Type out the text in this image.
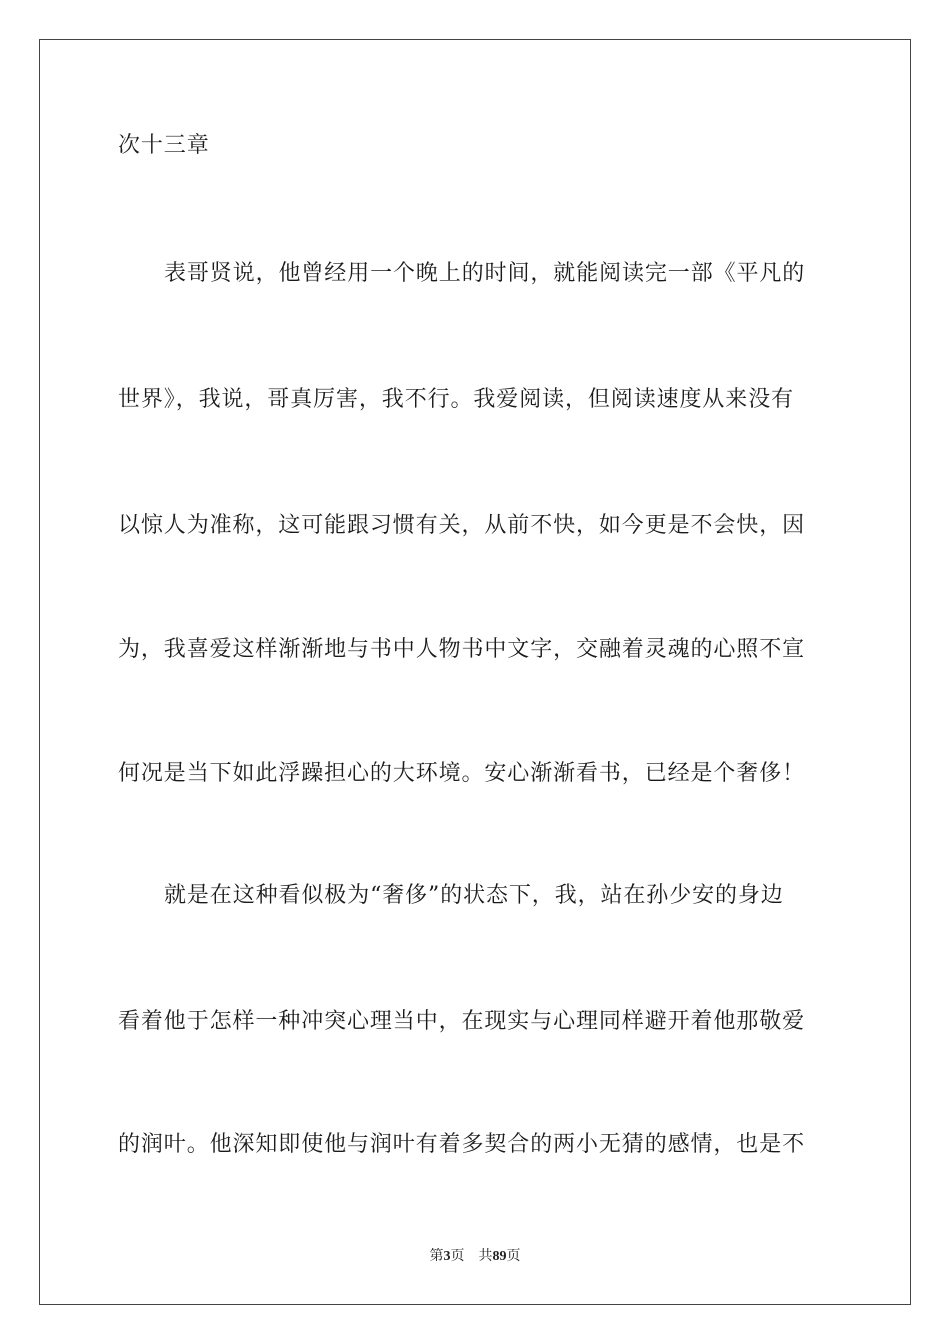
次十三章
表哥贤说，他曾经用一个晚上的时间，就能阅读完一部《平凡的
世界》，我说，哥真厉害，我不行。我爱阅读，但阅读速度从来没有
以惊人为准称，这可能跟习惯有关，从前不快，如今更是不会快，因
为，我喜爱这样渐渐地与书中人物书中文字，交融着灵魂的心照不宣
何况是当下如此浮躁担心的大环境。安心渐渐看书，已经是个奢侈！
就是在这种看似极为“奢侈”的状态下，我，站在孙少安的身边
看着他于怎样一种冲突心理当中，在现实与心理同样避开着他那敬爱
的润叶。他深知即使他与润叶有着多契合的两小无猜的感情，也是不
第3页 共89页
